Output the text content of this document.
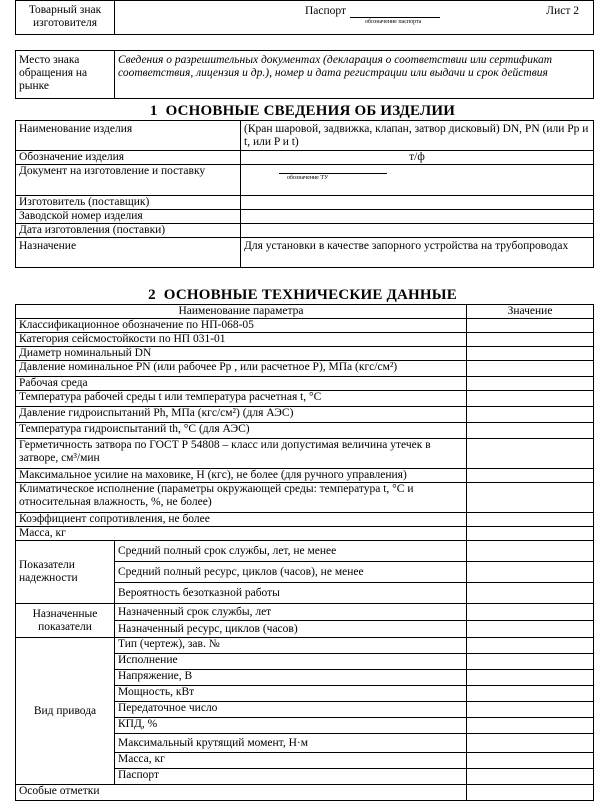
Товарный знак изготовителя	
Паспорт
обозначение паспорта
Лист 2
Место знака обращения на рынке	Сведения о разрешительных документах (декларация о соответствии или сертификат соответствия, лицензия и др.), номер и дата регистрации или выдачи и срок действия
1 ОСНОВНЫЕ СВЕДЕНИЯ ОБ ИЗДЕЛИИ
Наименование изделия	(Кран шаровой, задвижка, клапан, затвор дисковый) DN, PN (или Pp и t, или P и t)
Обозначение изделия	т/ф
Документ на изготовление и поставку	обозначение ТУ

Изготовитель (поставщик)	
Заводской номер изделия	
Дата изготовления (поставки)	
Назначение	Для установки в качестве запорного устройства на трубопроводах
2 ОСНОВНЫЕ ТЕХНИЧЕСКИЕ ДАННЫЕ
Наименование параметра		Значение
Классификационное обозначение по НП-068-05		
Категория сейсмостойкости по НП 031-01		
Диаметр номинальный DN		
Давление номинальное PN (или рабочее Pр , или расчетное P), МПа (кгс/см²)		
Рабочая среда		
Температура рабочей среды t или температура расчетная t, °С		
Давление гидроиспытаний Ph, МПа (кгс/см²) (для АЭС)		
Температура гидроиспытаний th, °С (для АЭС)		
Герметичность затвора по ГОСТ Р 54808 – класс или допустимая величина утечек в затворе, см³/мин		
Максимальное усилие на маховике, Н (кгс), не более (для ручного управления)		
Климатическое исполнение (параметры окружающей среды: температура t, °С и относительная влажность, %, не более)		
Коэффициент сопротивления, не более		
Масса, кг		
Показатели надежности	Средний полный срок службы, лет, не менее	
	Средний полный ресурс, циклов (часов), не менее	
	Вероятность безотказной работы	
Назначенные показатели	Назначенный срок службы, лет	
	Назначенный ресурс, циклов (часов)	
Вид привода	Тип (чертеж), зав. №	
	Исполнение	
	Напряжение, В	
	Мощность, кВт	
	Передаточное число	
	КПД, %	
	Максимальный крутящий момент, Н·м	
	Масса, кг	
	Паспорт	
Особые отметки		
